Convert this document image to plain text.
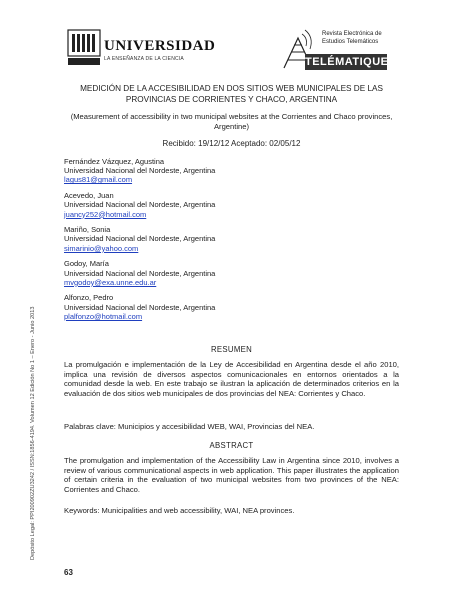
UNIVERSIDAD
LA ENSEÑANZA DE LA CIENCIA
Revista Electrónica de
Estudios Telemáticos
TELÉMATIQUE
Depósito Legal: PPI200902ZU3242 / ISSN:1856-4194. Volumen 12 Edición No 1 – Enero - Junio 2013
MEDICIÓN DE LA ACCESIBILIDAD EN DOS SITIOS WEB MUNICIPALES DE LAS PROVINCIAS DE CORRIENTES Y CHACO, ARGENTINA
(Measurement of accessibility in two municipal websites at the Corrientes and Chaco provinces, Argentine)
Recibido: 19/12/12 Aceptado: 02/05/12
Fernández Vázquez, Agustina
Universidad Nacional del Nordeste, Argentina
lagus81@gmail.com
Acevedo, Juan
Universidad Nacional del Nordeste, Argentina
juancy252@hotmail.com
Mariño, Sonia
Universidad Nacional del Nordeste, Argentina
simarinio@yahoo.com
Godoy, María
Universidad Nacional del Nordeste, Argentina
mvgodoy@exa.unne.edu.ar
Alfonzo, Pedro
Universidad Nacional del Nordeste, Argentina
plalfonzo@hotmail.com
RESUMEN
La promulgación e implementación de la Ley de Accesibilidad en Argentina desde el año 2010, implica una revisión de diversos aspectos comunicacionales en entornos orientados a la comunidad desde la web. En este trabajo se ilustran la aplicación de determinados criterios en la evaluación de dos sitios web municipales de dos provincias del NEA: Corrientes y Chaco.
Palabras clave: Municipios y accesibilidad WEB, WAI, Provincias del NEA.
ABSTRACT
The promulgation and implementation of the Accessibility Law in Argentina since 2010, involves a review of various communicational aspects in web application. This paper illustrates the application of certain criteria in the evaluation of two municipal websites from two provinces of the NEA: Corrientes and Chaco.
Keywords: Municipalities and web accessibility, WAI, NEA provinces.
63
